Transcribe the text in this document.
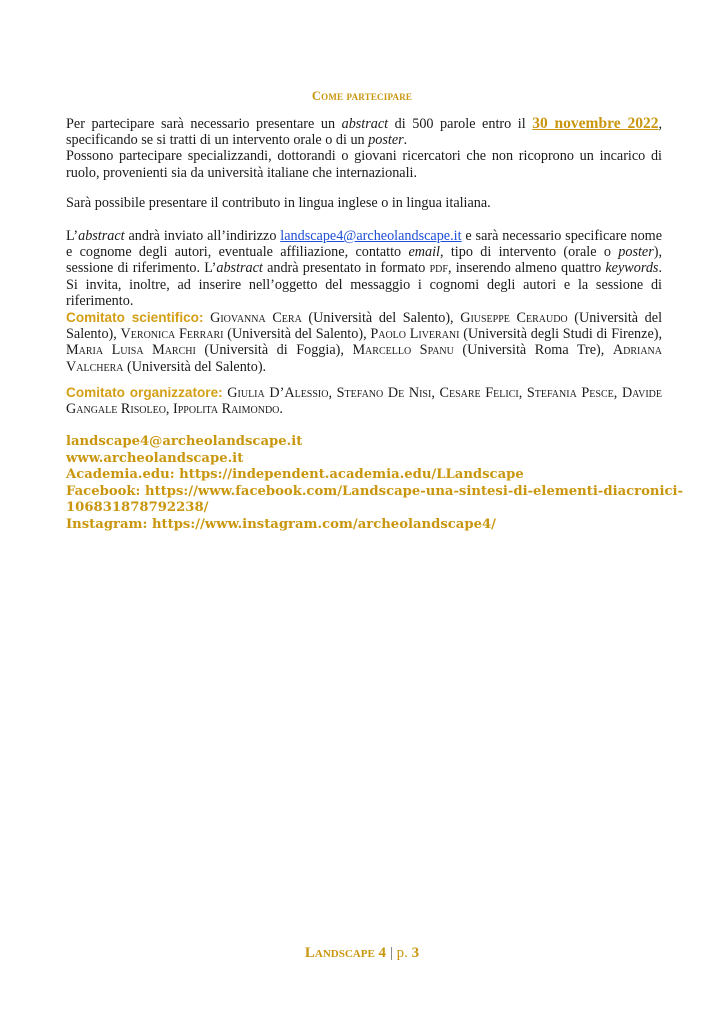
Come partecipare
Per partecipare sarà necessario presentare un abstract di 500 parole entro il 30 novembre 2022, specificando se si tratti di un intervento orale o di un poster.
Possono partecipare specializzandi, dottorandi o giovani ricercatori che non ricoprono un incarico di ruolo, provenienti sia da università italiane che internazionali.
Sarà possibile presentare il contributo in lingua inglese o in lingua italiana.
L’abstract andrà inviato all’indirizzo landscape4@archeolandscape.it e sarà necessario specificare nome e cognome degli autori, eventuale affiliazione, contatto email, tipo di intervento (orale o poster), sessione di riferimento. L’abstract andrà presentato in formato pdf, inserendo almeno quattro keywords. Si invita, inoltre, ad inserire nell’oggetto del messaggio i cognomi degli autori e la sessione di riferimento.
Comitato scientifico: Giovanna Cera (Università del Salento), Giuseppe Ceraudo (Università del Salento), Veronica Ferrari (Università del Salento), Paolo Liverani (Università degli Studi di Firenze), Maria Luisa Marchi (Università di Foggia), Marcello Spanu (Università Roma Tre), Adriana Valchera (Università del Salento).
Comitato organizzatore: Giulia D’Alessio, Stefano De Nisi, Cesare Felici, Stefania Pesce, Davide Gangale Risoleo, Ippolita Raimondo.
landscape4@archeolandscape.it
www.archeolandscape.it
Academia.edu: https://independent.academia.edu/LLandscape
Facebook: https://www.facebook.com/Landscape-una-sintesi-di-elementi-diacronici-
106831878792238/
Instagram: https://www.instagram.com/archeolandscape4/
Landscape 4 | p. 3
